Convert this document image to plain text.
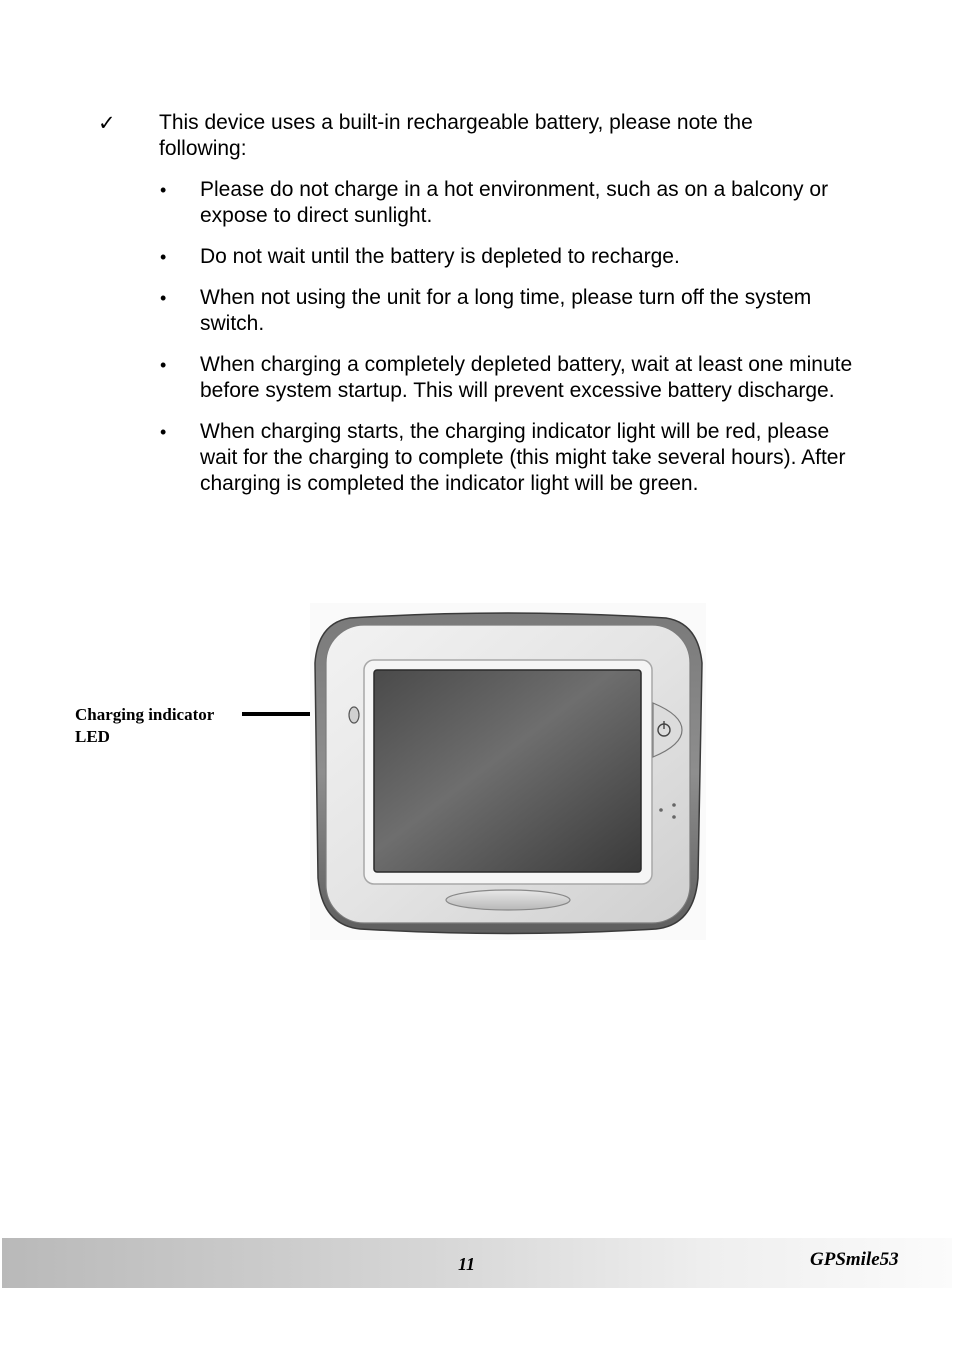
✓ This device uses a built-in rechargeable battery, please note the following:
• Please do not charge in a hot environment, such as on a balcony or expose to direct sunlight.
• Do not wait until the battery is depleted to recharge.
• When not using the unit for a long time, please turn off the system switch.
• When charging a completely depleted battery, wait at least one minute before system startup. This will prevent excessive battery discharge.
• When charging starts, the charging indicator light will be red, please wait for the charging to complete (this might take several hours). After charging is completed the indicator light will be green.
Charging indicator
LED
11	GPSmile53
